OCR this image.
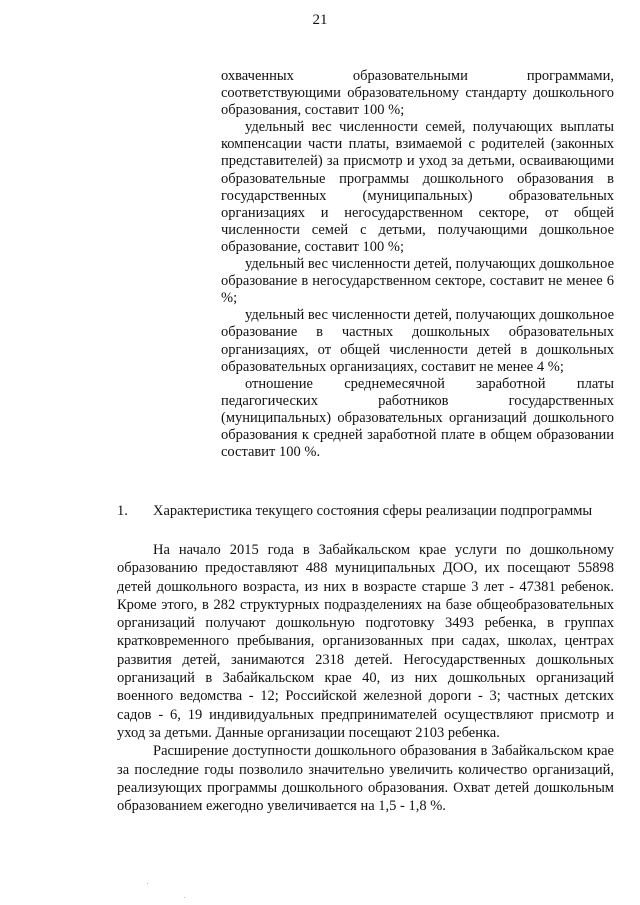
21

охваченных образовательными программами, соответствующими образовательному стандарту дошкольного образования, составит 100 %;

удельный вес численности семей, получающих выплаты компенсации части платы, взимаемой с родителей (законных представителей) за присмотр и уход за детьми, осваивающими образовательные программы дошкольного образования в государственных (муниципальных) образовательных организациях и негосударственном секторе, от общей численности семей с детьми, получающими дошкольное образование, составит 100 %;

удельный вес численности детей, получающих дошкольное образование в негосударственном секторе, составит не менее 6 %;

удельный вес численности детей, получающих дошкольное образование в частных дошкольных образовательных организациях, от общей численности детей в дошкольных образовательных организациях, составит не менее 4 %;

отношение среднемесячной заработной платы педагогических работников государственных (муниципальных) образовательных организаций дошкольного образования к средней заработной плате в общем образовании составит 100 %.

1. Характеристика текущего состояния сферы реализации подпрограммы

На начало 2015 года в Забайкальском крае услуги по дошкольному образованию предоставляют 488 муниципальных ДОО, их посещают 55898 детей дошкольного возраста, из них в возрасте старше 3 лет - 47381 ребенок. Кроме этого, в 282 структурных подразделениях на базе общеобразовательных организаций получают дошкольную подготовку 3493 ребенка, в группах кратковременного пребывания, организованных при садах, школах, центрах развития детей, занимаются 2318 детей. Негосударственных дошкольных организаций в Забайкальском крае 40, из них дошкольных организаций военного ведомства - 12; Российской железной дороги - 3; частных детских садов - 6, 19 индивидуальных предпринимателей осуществляют присмотр и уход за детьми. Данные организации посещают 2103 ребенка.

Расширение доступности дошкольного образования в Забайкальском крае за последние годы позволило значительно увеличить количество организаций, реализующих программы дошкольного образования. Охват детей дошкольным образованием ежегодно увеличивается на 1,5 - 1,8 %.
